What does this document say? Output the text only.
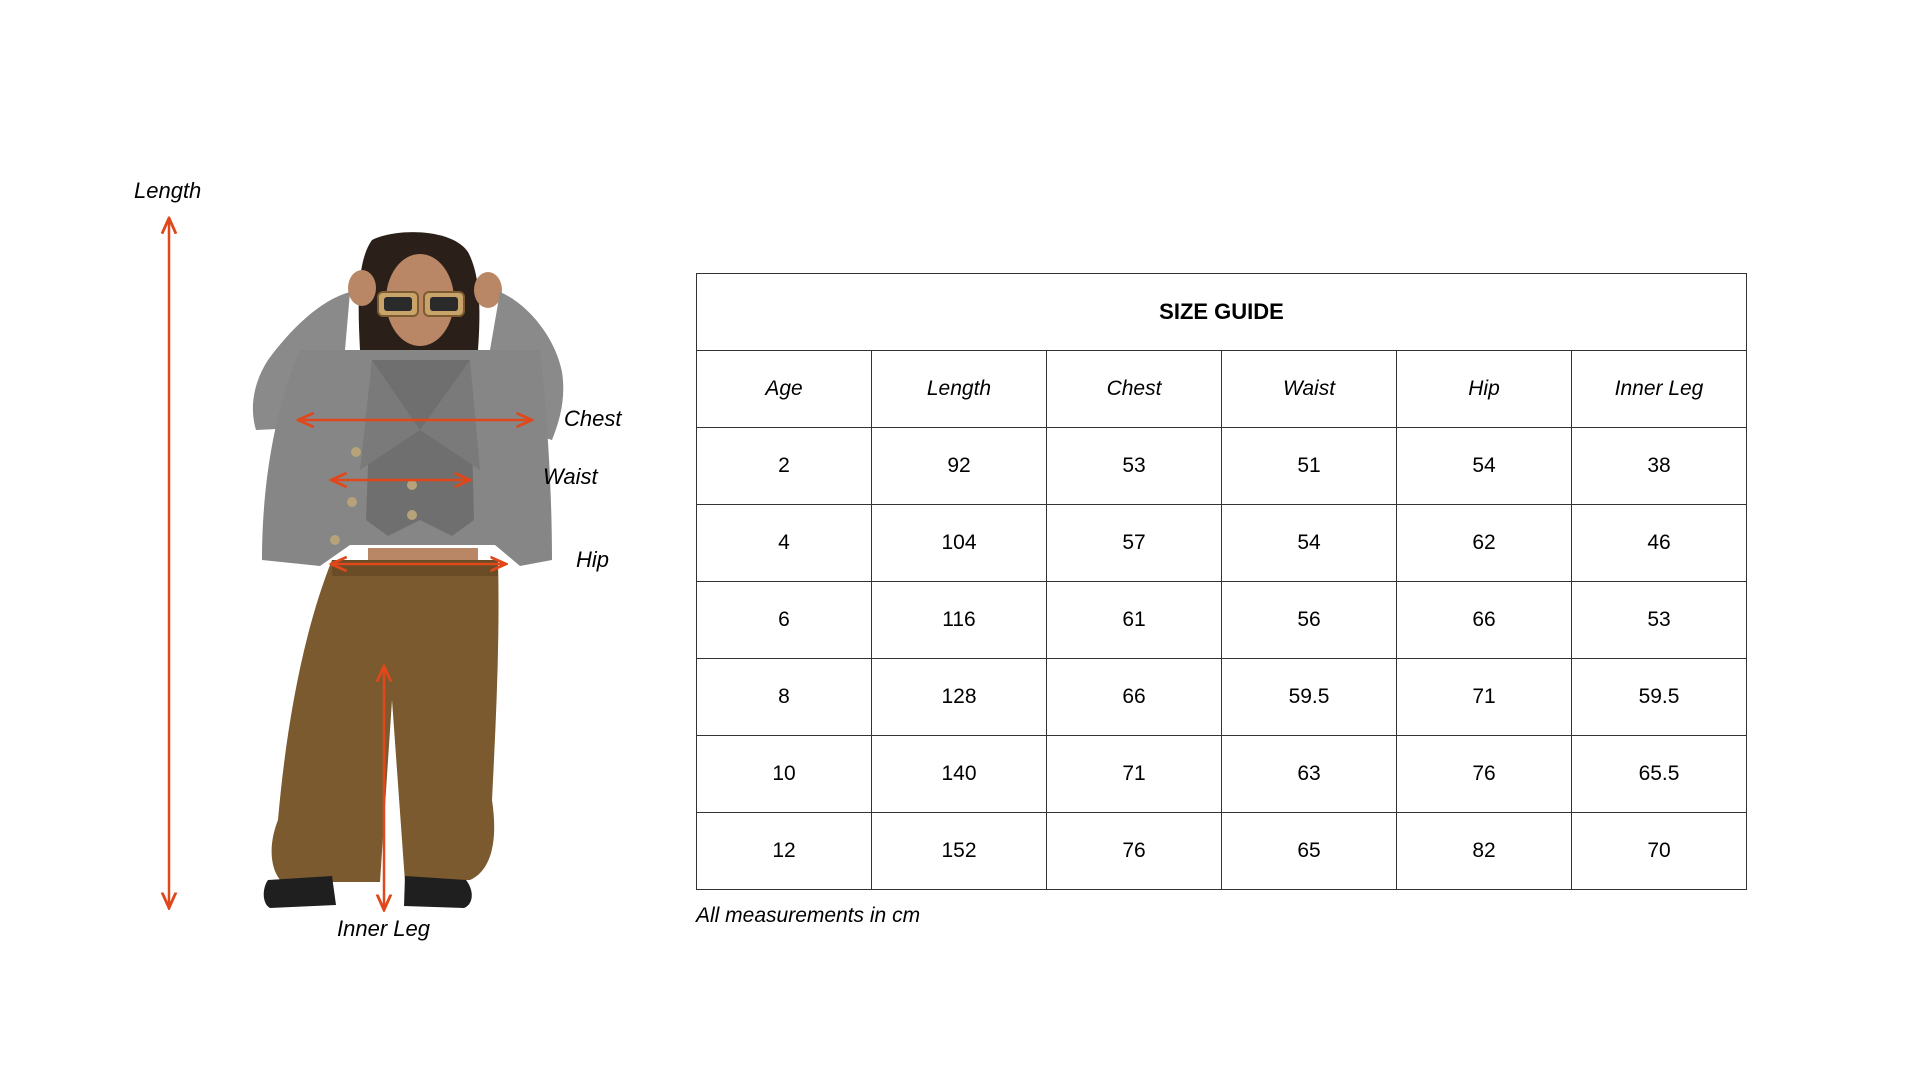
Length
Chest
Waist
Hip
Inner Leg
SIZE GUIDE					
Age	Length	Chest	Waist	Hip	Inner Leg
2	92	53	51	54	38
4	104	57	54	62	46
6	116	61	56	66	53
8	128	66	59.5	71	59.5
10	140	71	63	76	65.5
12	152	76	65	82	70
All measurements in cm
